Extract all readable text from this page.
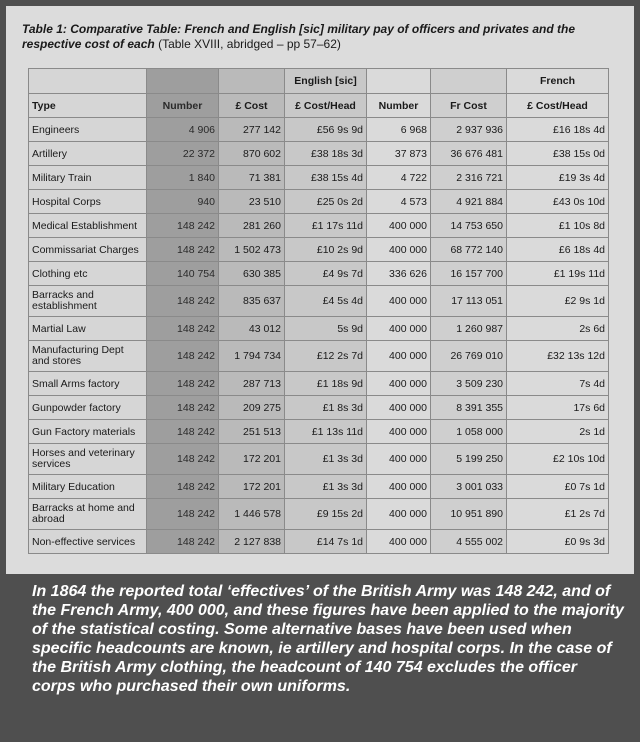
Table 1: Comparative Table: French and English [sic] military pay of officers and privates and the respective cost of each (Table XVIII, abridged – pp 57–62)
			English [sic]			French
Type	Number	£ Cost	£ Cost/Head	Number	Fr Cost	£ Cost/Head
Engineers	4 906	277 142	£56 9s 9d	6 968	2 937 936	£16 18s 4d
Artillery	22 372	870 602	£38 18s 3d	37 873	36 676 481	£38 15s 0d
Military Train	1 840	71 381	£38 15s 4d	4 722	2 316 721	£19 3s 4d
Hospital Corps	940	23 510	£25 0s 2d	4 573	4 921 884	£43 0s 10d
Medical Establishment	148 242	281 260	£1 17s 11d	400 000	14 753 650	£1 10s 8d
Commissariat Charges	148 242	1 502 473	£10 2s 9d	400 000	68 772 140	£6 18s 4d
Clothing etc	140 754	630 385	£4 9s 7d	336 626	16 157 700	£1 19s 11d
Barracks and establishment	148 242	835 637	£4 5s 4d	400 000	17 113 051	£2 9s 1d
Martial Law	148 242	43 012	5s 9d	400 000	1 260 987	2s 6d
Manufacturing Dept and stores	148 242	1 794 734	£12 2s 7d	400 000	26 769 010	£32 13s 12d
Small Arms factory	148 242	287 713	£1 18s 9d	400 000	3 509 230	7s 4d
Gunpowder factory	148 242	209 275	£1 8s 3d	400 000	8 391 355	17s 6d
Gun Factory materials	148 242	251 513	£1 13s 11d	400 000	1 058 000	2s 1d
Horses and veterinary services	148 242	172 201	£1 3s 3d	400 000	5 199 250	£2 10s 10d
Military Education	148 242	172 201	£1 3s 3d	400 000	3 001 033	£0 7s 1d
Barracks at home and abroad	148 242	1 446 578	£9 15s 2d	400 000	10 951 890	£1 2s 7d
Non-effective services	148 242	2 127 838	£14 7s 1d	400 000	4 555 002	£0 9s 3d
In 1864 the reported total ‘effectives’ of the British Army was 148 242, and of the French Army, 400 000, and these figures have been applied to the majority of the statistical costing. Some alternative bases have been used when specific headcounts are known, ie artillery and hospital corps. In the case of the British Army clothing, the headcount of 140 754 excludes the officer corps who purchased their own uniforms.
